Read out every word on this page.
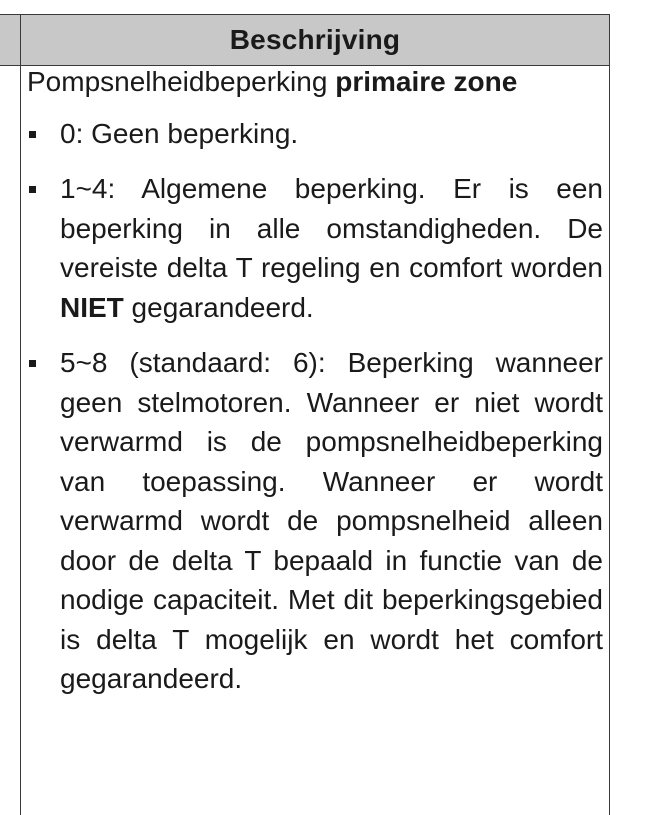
Beschrijving
Pompsnelheidbeperking primaire zone
0: Geen beperking.
1~4: Algemene beperking. Er is een beperking in alle omstandigheden. De vereiste delta T regeling en comfort worden NIET gegarandeerd.
5~8 (standaard: 6): Beperking wanneer geen stelmotoren. Wanneer er niet wordt verwarmd is de pompsnelheidbeperking van toepassing. Wanneer er wordt verwarmd wordt de pompsnelheid alleen door de delta T bepaald in functie van de nodige capaciteit. Met dit beperkingsgebied is delta T mogelijk en wordt het comfort gegarandeerd.
